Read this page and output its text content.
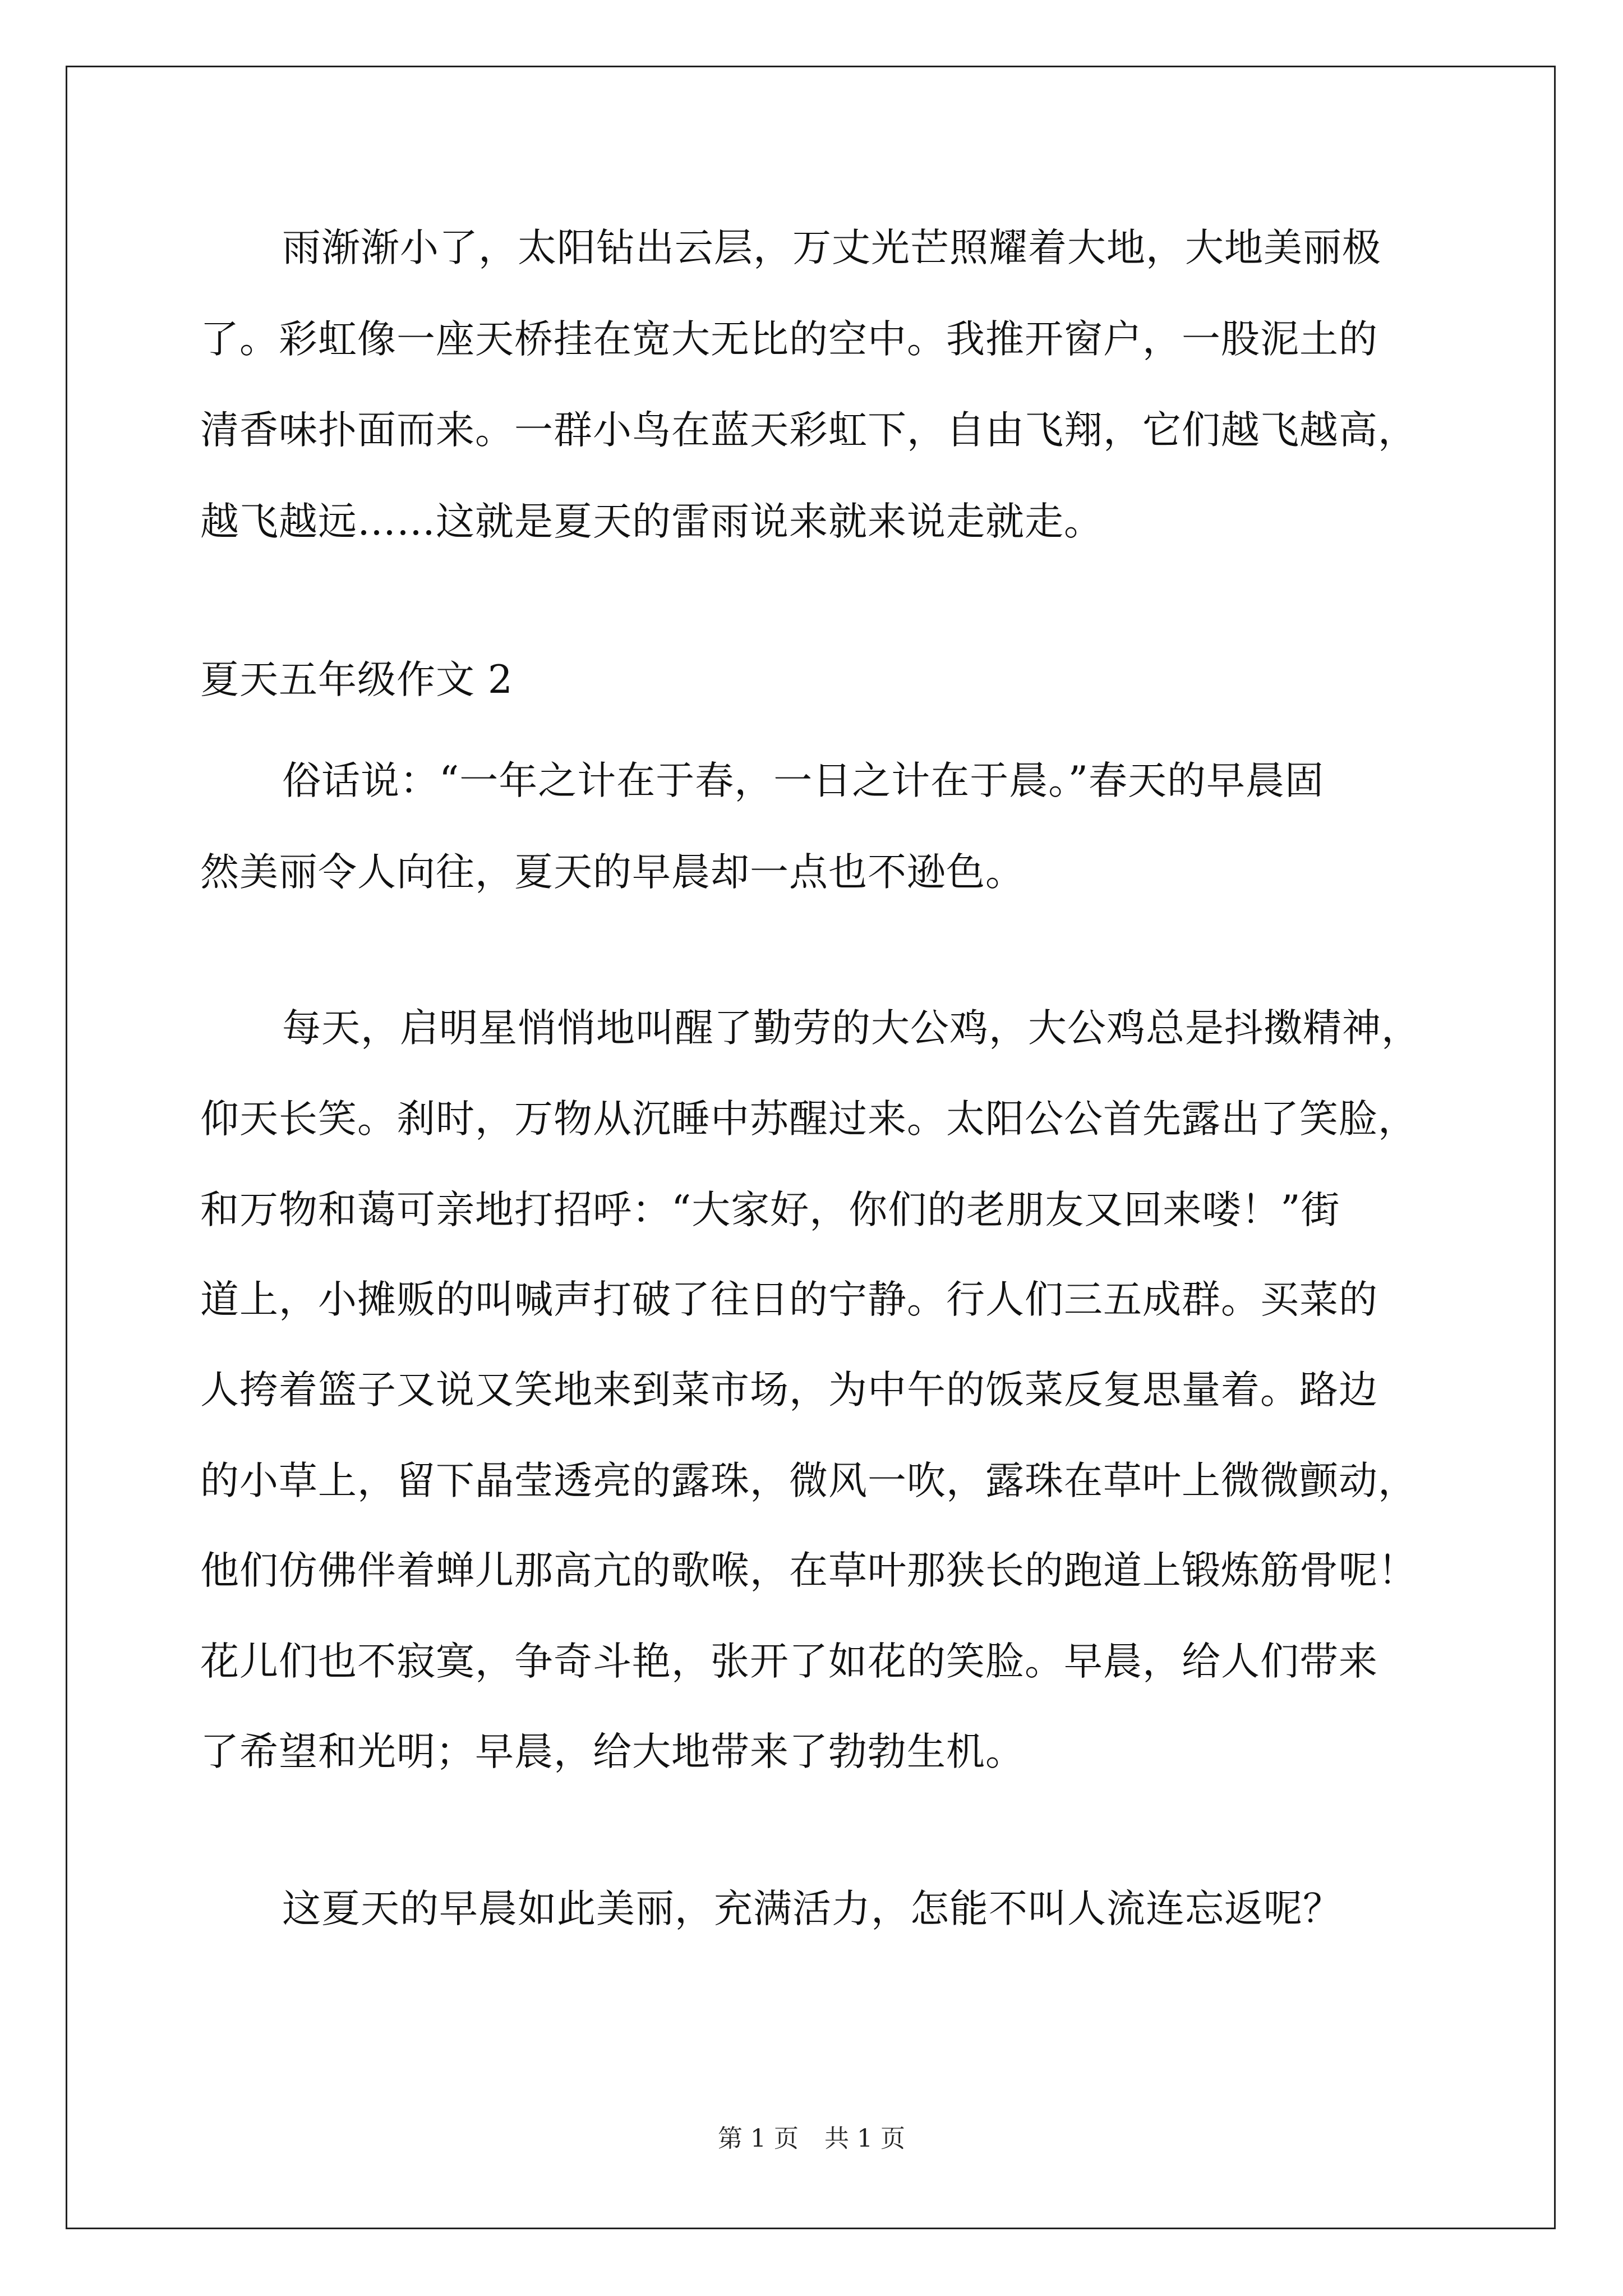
雨渐渐小了，太阳钻出云层，万丈光芒照耀着大地，大地美丽极
了。彩虹像一座天桥挂在宽大无比的空中。我推开窗户，一股泥土的
清香味扑面而来。一群小鸟在蓝天彩虹下，自由飞翔，它们越飞越高，
越飞越远……这就是夏天的雷雨说来就来说走就走。
夏天五年级作文 2
俗话说：“一年之计在于春，一日之计在于晨。”春天的早晨固
然美丽令人向往，夏天的早晨却一点也不逊色。
每天，启明星悄悄地叫醒了勤劳的大公鸡，大公鸡总是抖擞精神，
仰天长笑。刹时，万物从沉睡中苏醒过来。太阳公公首先露出了笑脸，
和万物和蔼可亲地打招呼：“大家好，你们的老朋友又回来喽！”街
道上，小摊贩的叫喊声打破了往日的宁静。行人们三五成群。买菜的
人挎着篮子又说又笑地来到菜市场，为中午的饭菜反复思量着。路边
的小草上，留下晶莹透亮的露珠，微风一吹，露珠在草叶上微微颤动，
他们仿佛伴着蝉儿那高亢的歌喉，在草叶那狭长的跑道上锻炼筋骨呢！
花儿们也不寂寞，争奇斗艳，张开了如花的笑脸。早晨，给人们带来
了希望和光明；早晨，给大地带来了勃勃生机。
这夏天的早晨如此美丽，充满活力，怎能不叫人流连忘返呢？
第 1 页 共 1 页
